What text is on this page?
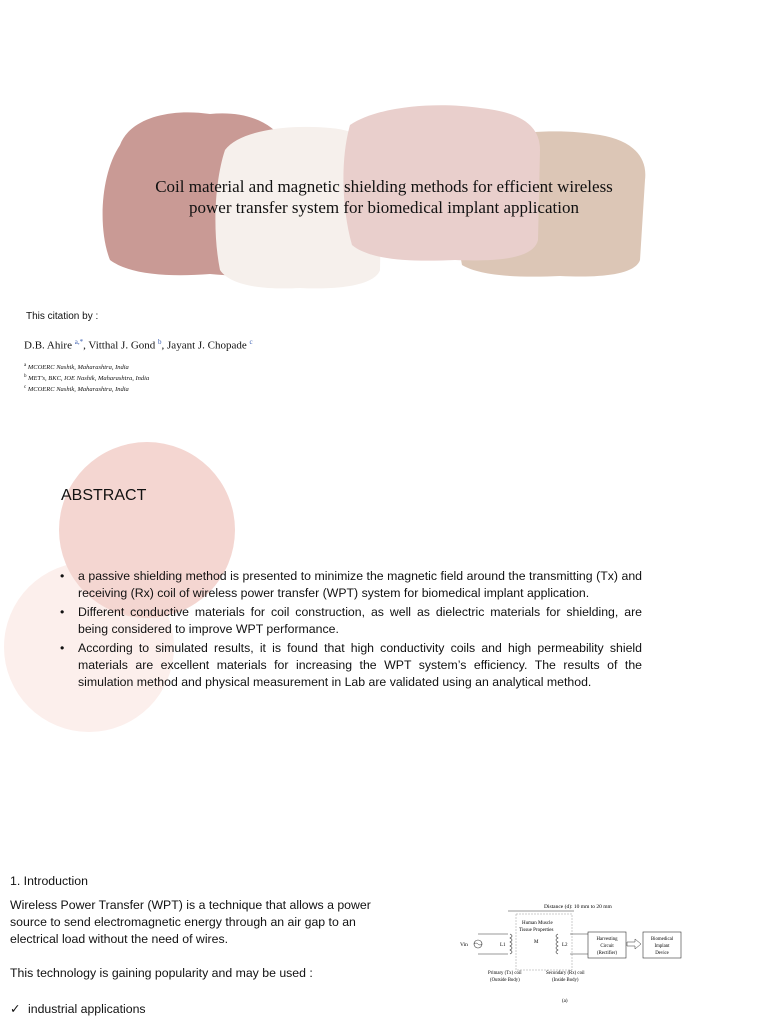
Coil material and magnetic shielding methods for efficient wireless
power transfer system for biomedical implant application
This citation by :
D.B. Ahire $^{a,*}$, Vitthal J. Gond $^b$, Jayant J. Chopade $^c$
$^a$ MCOERC Nashik, Maharashtra, India
$^b$ MET's, BKC, IOE Nashik, Maharashtra, India
$^c$ MCOERC Nashik, Maharashtra, India
ABSTRACT
• a passive shielding method is presented to minimize the magnetic field around the transmitting (Tx) and receiving (Rx) coil of wireless power transfer (WPT) system for biomedical implant application.
• Different conductive materials for coil construction, as well as dielectric materials for shielding, are being considered to improve WPT performance.
• According to simulated results, it is found that high conductivity coils and high permeability shield materials are excellent materials for increasing the WPT system’s efficiency. The results of the simulation method and physical measurement in Lab are validated using an analytical method.
1. Introduction
Wireless Power Transfer (WPT) is a technique that allows a power source to send electromagnetic energy through an air gap to an electrical load without the need of wires.
This technology is gaining popularity and may be used :
✓ industrial applications
Distance (d): 10 mm to 20 mm
Human Muscle
Tissue Properties
Vin	L1
M
L2
Harvesting
Circuit
(Rectifier)
Biomedical
Implant
Device
Primary (Tx) coil
(Outside Body)
Secondary (Rx) coil
(Inside Body)
(a)
